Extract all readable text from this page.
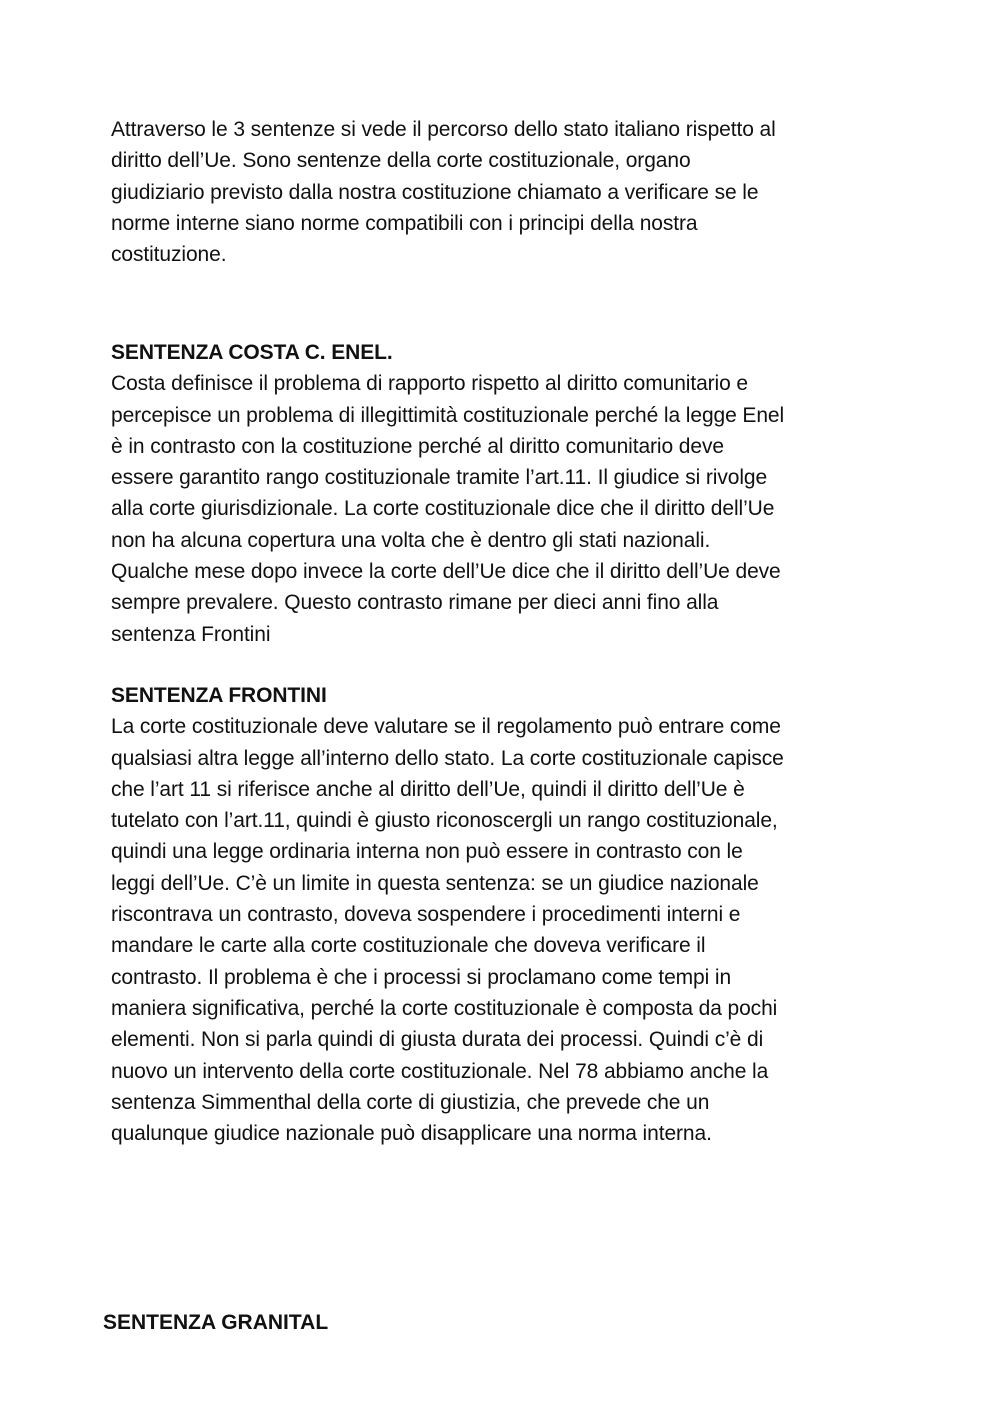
Attraverso le 3 sentenze si vede il percorso dello stato italiano rispetto al
diritto dell’Ue. Sono sentenze della corte costituzionale, organo
giudiziario previsto dalla nostra costituzione chiamato a verificare se le
norme interne siano norme compatibili con i principi della nostra
costituzione.

SENTENZA COSTA C. ENEL.

Costa definisce il problema di rapporto rispetto al diritto comunitario e
percepisce un problema di illegittimità costituzionale perché la legge Enel
è in contrasto con la costituzione perché al diritto comunitario deve
essere garantito rango costituzionale tramite l’art.11. Il giudice si rivolge
alla corte giurisdizionale. La corte costituzionale dice che il diritto dell’Ue
non ha alcuna copertura una volta che è dentro gli stati nazionali.
Qualche mese dopo invece la corte dell’Ue dice che il diritto dell’Ue deve
sempre prevalere. Questo contrasto rimane per dieci anni fino alla
sentenza Frontini

SENTENZA FRONTINI

La corte costituzionale deve valutare se il regolamento può entrare come
qualsiasi altra legge all’interno dello stato. La corte costituzionale capisce
che l’art 11 si riferisce anche al diritto dell’Ue, quindi il diritto dell’Ue è
tutelato con l’art.11, quindi è giusto riconoscergli un rango costituzionale,
quindi una legge ordinaria interna non può essere in contrasto con le
leggi dell’Ue. C’è un limite in questa sentenza: se un giudice nazionale
riscontrava un contrasto, doveva sospendere i procedimenti interni e
mandare le carte alla corte costituzionale che doveva verificare il
contrasto. Il problema è che i processi si proclamano come tempi in
maniera significativa, perché la corte costituzionale è composta da pochi
elementi. Non si parla quindi di giusta durata dei processi. Quindi c’è di
nuovo un intervento della corte costituzionale. Nel 78 abbiamo anche la
sentenza Simmenthal della corte di giustizia, che prevede che un
qualunque giudice nazionale può disapplicare una norma interna.

SENTENZA GRANITAL
